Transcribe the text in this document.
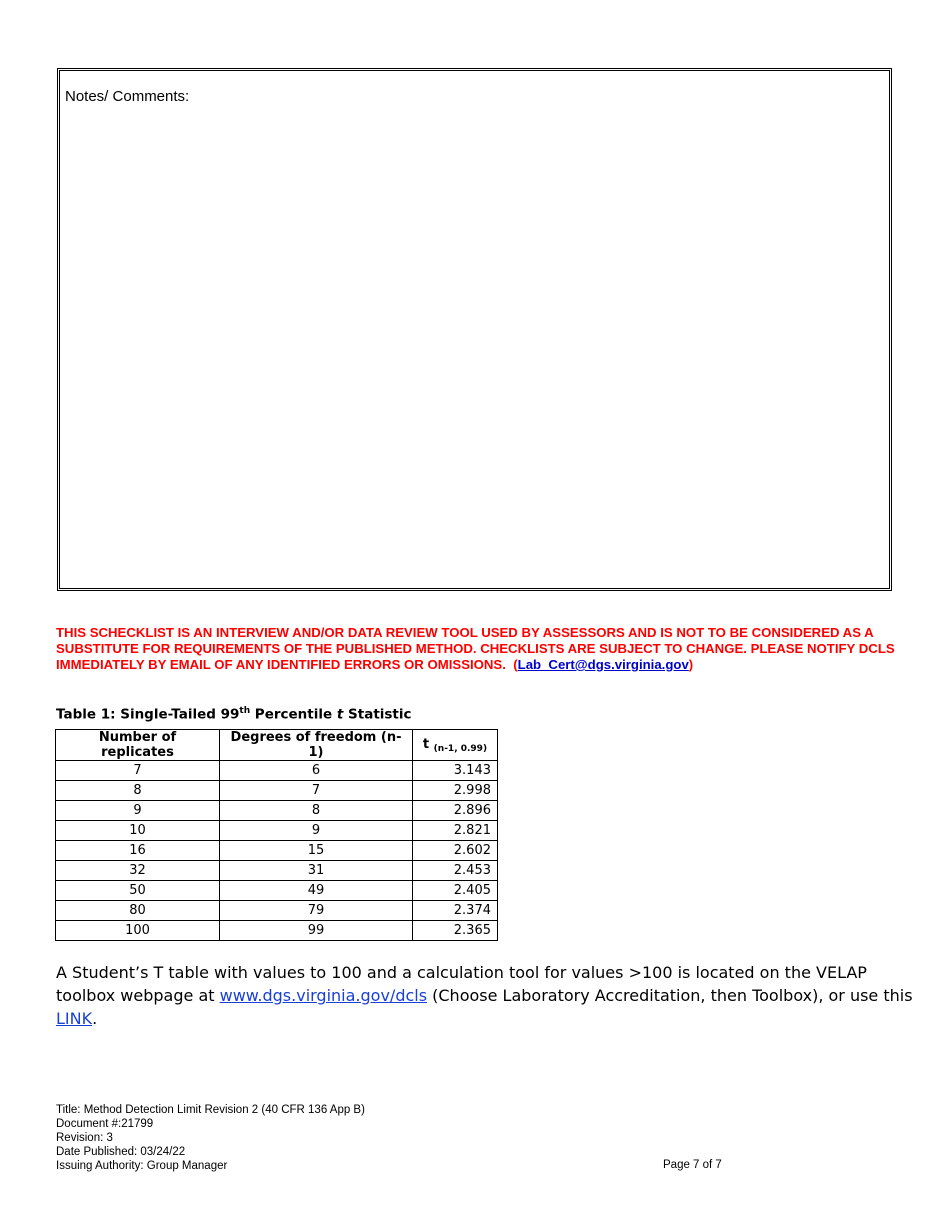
Notes/ Comments:
THIS SCHECKLIST IS AN INTERVIEW AND/OR DATA REVIEW TOOL USED BY ASSESSORS AND IS NOT TO BE CONSIDERED AS A SUBSTITUTE FOR REQUIREMENTS OF THE PUBLISHED METHOD. CHECKLISTS ARE SUBJECT TO CHANGE. PLEASE NOTIFY DCLS IMMEDIATELY BY EMAIL OF ANY IDENTIFIED ERRORS OR OMISSIONS. (Lab_Cert@dgs.virginia.gov)
Table 1: Single-Tailed 99th Percentile t Statistic
Number of replicates	Degrees of freedom (n-1)	t $_{(n-1, 0.99)}$
7	6	3.143
8	7	2.998
9	8	2.896
10	9	2.821
16	15	2.602
32	31	2.453
50	49	2.405
80	79	2.374
100	99	2.365
A Student’s T table with values to 100 and a calculation tool for values >100 is located on the VELAP toolbox webpage at www.dgs.virginia.gov/dcls (Choose Laboratory Accreditation, then Toolbox), or use this LINK.
Title: Method Detection Limit Revision 2 (40 CFR 136 App B)
Document #:21799
Revision: 3
Date Published: 03/24/22
Issuing Authority: Group Manager	Page 7 of 7
